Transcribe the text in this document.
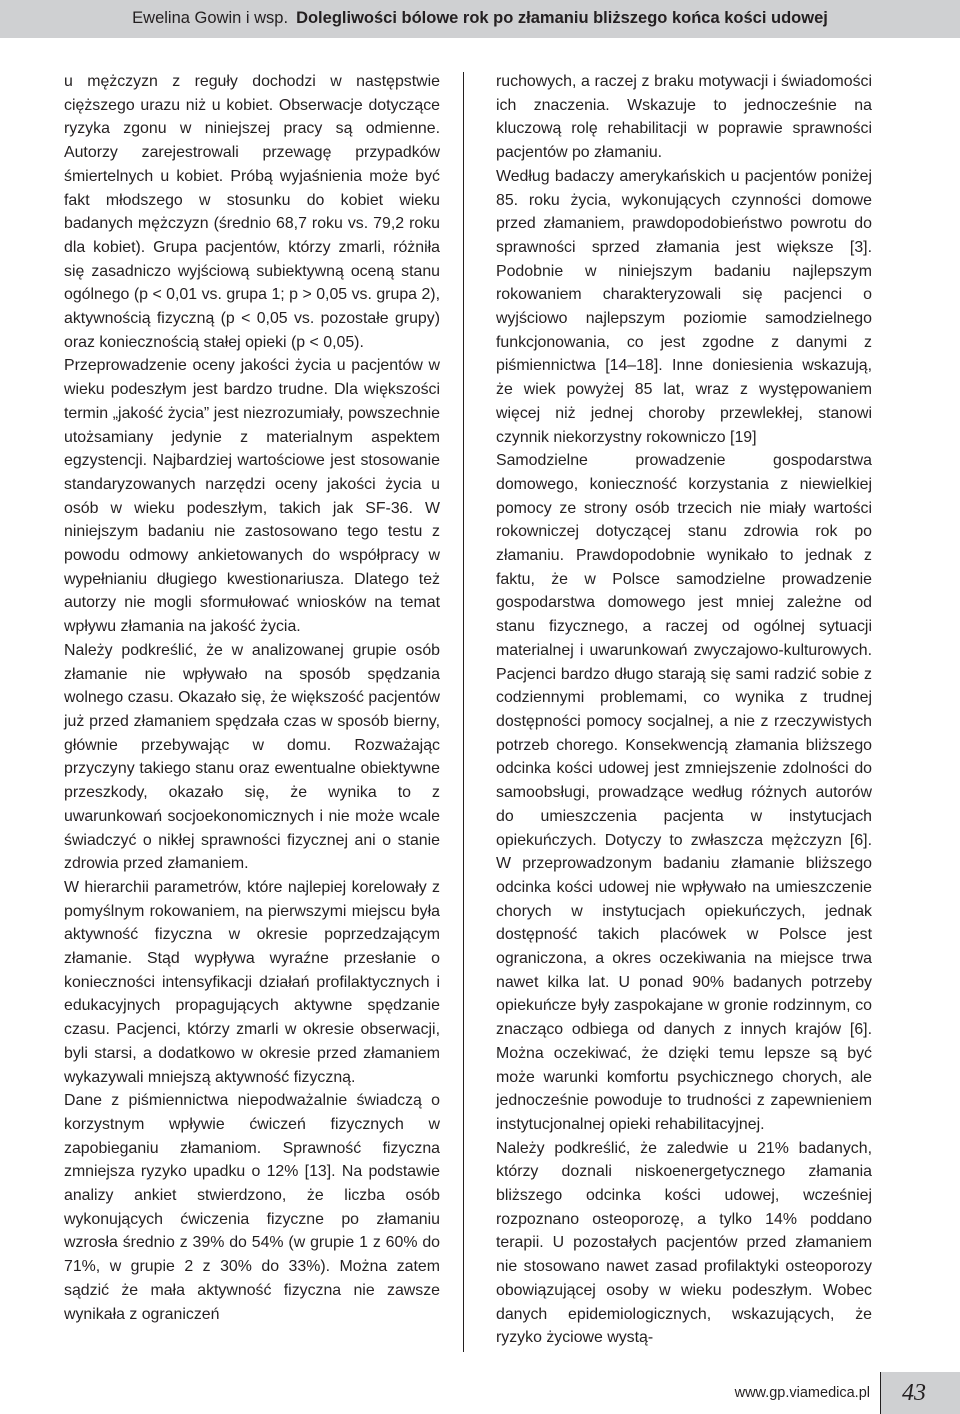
Ewelina Gowin i wsp. Dolegliwości bólowe rok po złamaniu bliższego końca kości udowej

u mężczyzn z reguły dochodzi w następstwie cięższego urazu niż u kobiet. Obserwacje dotyczące ryzyka zgonu w niniejszej pracy są odmienne. Autorzy zarejestrowali przewagę przypadków śmiertelnych u kobiet. Próbą wyjaśnienia może być fakt młodszego w stosunku do kobiet wieku badanych mężczyzn (średnio 68,7 roku vs. 79,2 roku dla kobiet). Grupa pacjentów, którzy zmarli, różniła się zasadniczo wyjściową subiektywną oceną stanu ogólnego (p < 0,01 vs. grupa 1; p > 0,05 vs. grupa 2), aktywnością fizyczną (p < 0,05 vs. pozostałe grupy) oraz koniecznością stałej opieki (p < 0,05).

Przeprowadzenie oceny jakości życia u pacjentów w wieku podeszłym jest bardzo trudne. Dla większości termin „jakość życia” jest niezrozumiały, powszechnie utożsamiany jedynie z materialnym aspektem egzystencji. Najbardziej wartościowe jest stosowanie standaryzowanych narzędzi oceny jakości życia u osób w wieku podeszłym, takich jak SF-36. W niniejszym badaniu nie zastosowano tego testu z powodu odmowy ankietowanych do współpracy w wypełnianiu długiego kwestionariusza. Dlatego też autorzy nie mogli sformułować wniosków na temat wpływu złamania na jakość życia.

Należy podkreślić, że w analizowanej grupie osób złamanie nie wpływało na sposób spędzania wolnego czasu. Okazało się, że większość pacjentów już przed złamaniem spędzała czas w sposób bierny, głównie przebywając w domu. Rozważając przyczyny takiego stanu oraz ewentualne obiektywne przeszkody, okazało się, że wynika to z uwarunkowań socjoekonomicznych i nie może wcale świadczyć o nikłej sprawności fizycznej ani o stanie zdrowia przed złamaniem.

W hierarchii parametrów, które najlepiej korelowały z pomyślnym rokowaniem, na pierwszymi miejscu była aktywność fizyczna w okresie poprzedzającym złamanie. Stąd wypływa wyraźne przesłanie o konieczności intensyfikacji działań profilaktycznych i edukacyjnych propagujących aktywne spędzanie czasu. Pacjenci, którzy zmarli w okresie obserwacji, byli starsi, a dodatkowo w okresie przed złamaniem wykazywali mniejszą aktywność fizyczną.

Dane z piśmiennictwa niepodważalnie świadczą o korzystnym wpływie ćwiczeń fizycznych w zapobieganiu złamaniom. Sprawność fizyczna zmniejsza ryzyko upadku o 12% [13]. Na podstawie analizy ankiet stwierdzono, że liczba osób wykonujących ćwiczenia fizyczne po złamaniu wzrosła średnio z 39% do 54% (w grupie 1 z 60% do 71%, w grupie 2 z 30% do 33%). Można zatem sądzić że mała aktywność fizyczna nie zawsze wynikała z ograniczeń

ruchowych, a raczej z braku motywacji i świadomości ich znaczenia. Wskazuje to jednocześnie na kluczową rolę rehabilitacji w poprawie sprawności pacjentów po złamaniu.

Według badaczy amerykańskich u pacjentów poniżej 85. roku życia, wykonujących czynności domowe przed złamaniem, prawdopodobieństwo powrotu do sprawności sprzed złamania jest większe [3]. Podobnie w niniejszym badaniu najlepszym rokowaniem charakteryzowali się pacjenci o wyjściowo najlepszym poziomie samodzielnego funkcjonowania, co jest zgodne z danymi z piśmiennictwa [14–18]. Inne doniesienia wskazują, że wiek powyżej 85 lat, wraz z występowaniem więcej niż jednej choroby przewlekłej, stanowi czynnik niekorzystny rokowniczo [19]

Samodzielne prowadzenie gospodarstwa domowego, konieczność korzystania z niewielkiej pomocy ze strony osób trzecich nie miały wartości rokowniczej dotyczącej stanu zdrowia rok po złamaniu. Prawdopodobnie wynikało to jednak z faktu, że w Polsce samodzielne prowadzenie gospodarstwa domowego jest mniej zależne od stanu fizycznego, a raczej od ogólnej sytuacji materialnej i uwarunkowań zwyczajowo-kulturowych. Pacjenci bardzo długo starają się sami radzić sobie z codziennymi problemami, co wynika z trudnej dostępności pomocy socjalnej, a nie z rzeczywistych potrzeb chorego. Konsekwencją złamania bliższego odcinka kości udowej jest zmniejszenie zdolności do samoobsługi, prowadzące według różnych autorów do umieszczenia pacjenta w instytucjach opiekuńczych. Dotyczy to zwłaszcza mężczyzn [6]. W przeprowadzonym badaniu złamanie bliższego odcinka kości udowej nie wpływało na umieszczenie chorych w instytucjach opiekuńczych, jednak dostępność takich placówek w Polsce jest ograniczona, a okres oczekiwania na miejsce trwa nawet kilka lat. U ponad 90% badanych potrzeby opiekuńcze były zaspokajane w gronie rodzinnym, co znacząco odbiega od danych z innych krajów [6]. Można oczekiwać, że dzięki temu lepsze są być może warunki komfortu psychicznego chorych, ale jednocześnie powoduje to trudności z zapewnieniem instytucjonalnej opieki rehabilitacyjnej.

Należy podkreślić, że zaledwie u 21% badanych, którzy doznali niskoenergetycznego złamania bliższego odcinka kości udowej, wcześniej rozpoznano osteoporozę, a tylko 14% poddano terapii. U pozostałych pacjentów przed złamaniem nie stosowano nawet zasad profilaktyki osteoporozy obowiązującej osoby w wieku podeszłym. Wobec danych epidemiologicznych, wskazujących, że ryzyko życiowe wystą-

www.gp.viamedica.pl	43
